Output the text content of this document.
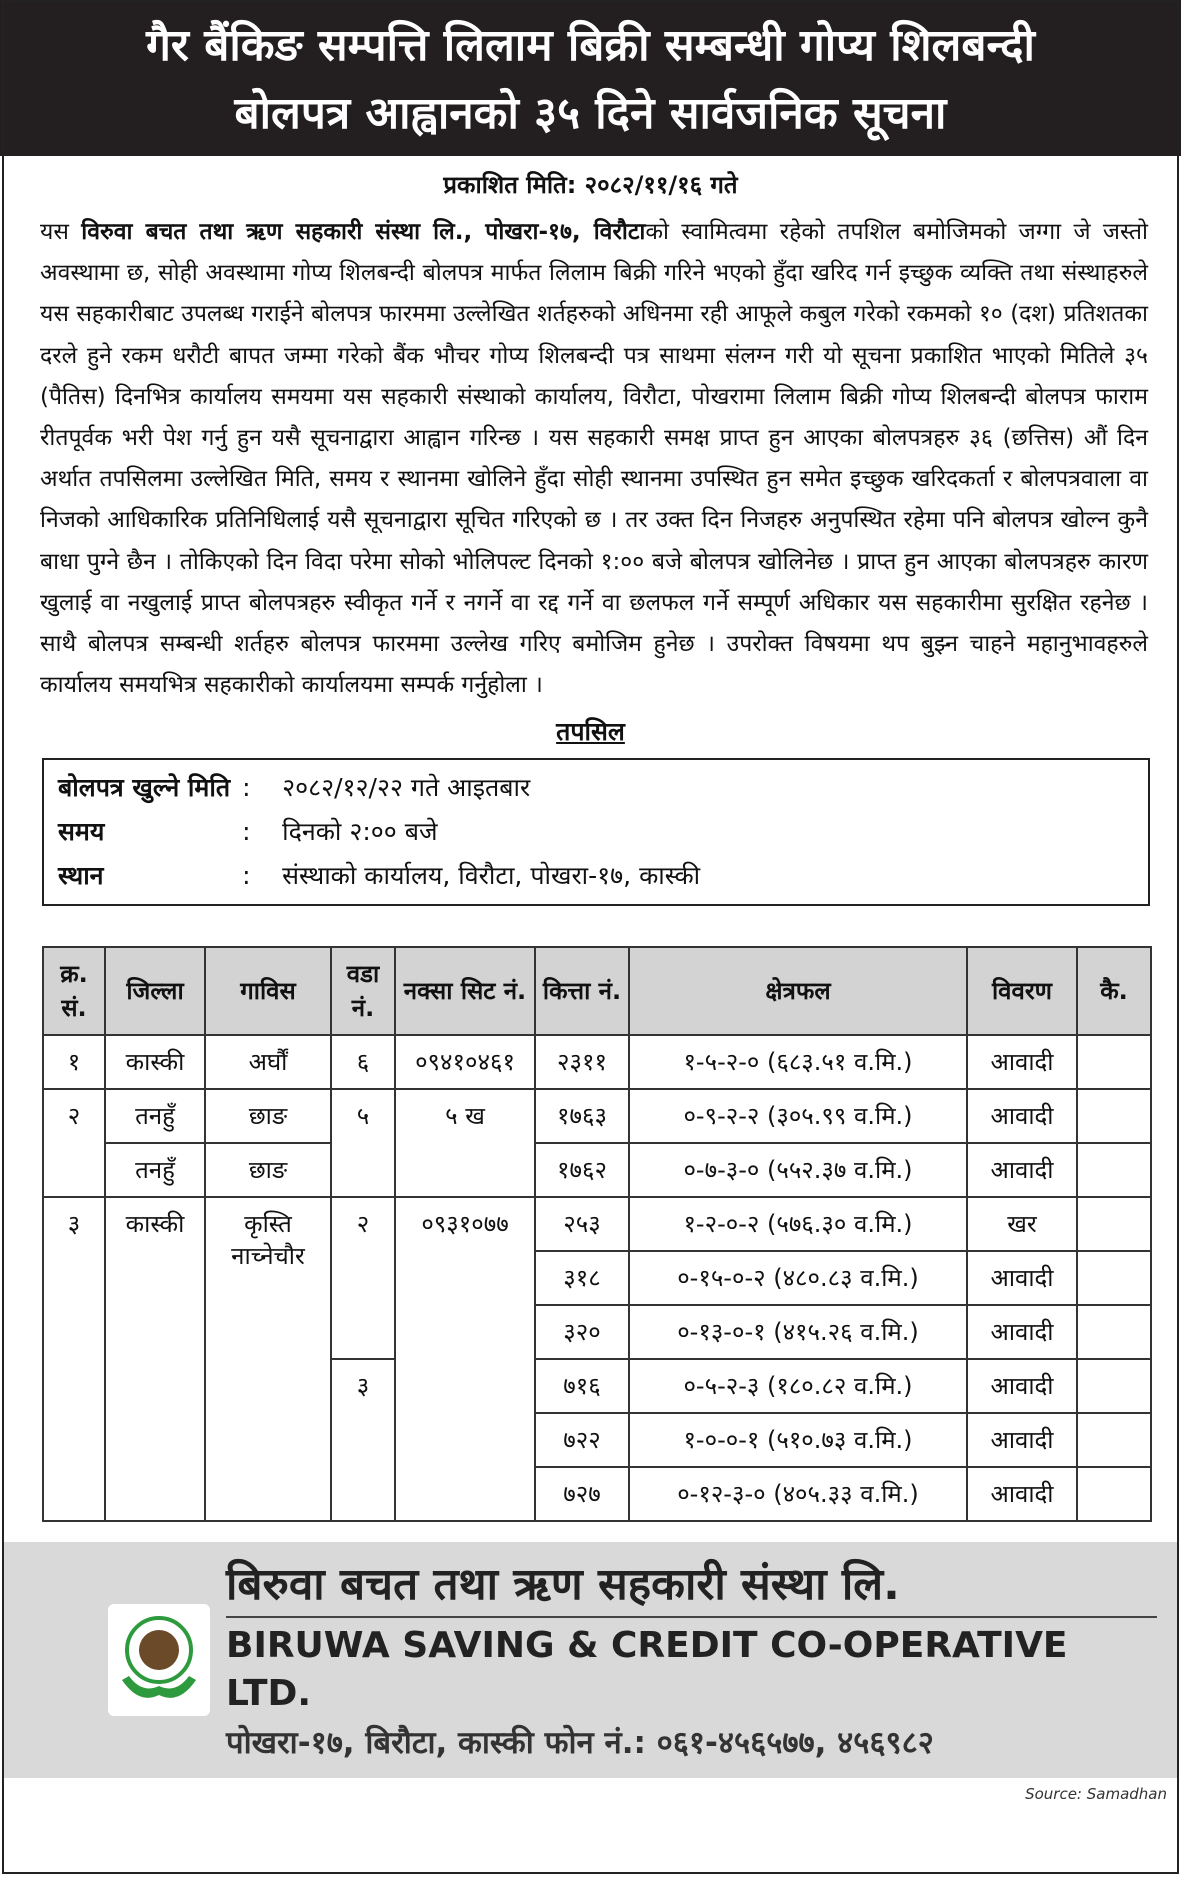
गैर बैंकिङ सम्पत्ति लिलाम बिक्री सम्बन्धी गोप्य शिलबन्दी
बोलपत्र आह्वानको ३५ दिने सार्वजनिक सूचना
प्रकाशित मिति: २०८२/११/१६ गते
यस विरुवा बचत तथा ऋण सहकारी संस्था लि., पोखरा-१७, विरौटाको स्वामित्वमा रहेको तपशिल बमोजिमको जग्गा जे जस्तो अवस्थामा छ, सोही अवस्थामा गोप्य शिलबन्दी बोलपत्र मार्फत लिलाम बिक्री गरिने भएको हुँदा खरिद गर्न इच्छुक व्यक्ति तथा संस्थाहरुले यस सहकारीबाट उपलब्ध गराईने बोलपत्र फारममा उल्लेखित शर्तहरुको अधिनमा रही आफूले कबुल गरेको रकमको १० (दश) प्रतिशतका दरले हुने रकम धरौटी बापत जम्मा गरेको बैंक भौचर गोप्य शिलबन्दी पत्र साथमा संलग्न गरी यो सूचना प्रकाशित भाएको मितिले ३५ (पैतिस) दिनभित्र कार्यालय समयमा यस सहकारी संस्थाको कार्यालय, विरौटा, पोखरामा लिलाम बिक्री गोप्य शिलबन्दी बोलपत्र फाराम रीतपूर्वक भरी पेश गर्नु हुन यसै सूचनाद्वारा आह्वान गरिन्छ । यस सहकारी समक्ष प्राप्त हुन आएका बोलपत्रहरु ३६ (छत्तिस) औं दिन अर्थात तपसिलमा उल्लेखित मिति, समय र स्थानमा खोलिने हुँदा सोही स्थानमा उपस्थित हुन समेत इच्छुक खरिदकर्ता र बोलपत्रवाला वा निजको आधिकारिक प्रतिनिधिलाई यसै सूचनाद्वारा सूचित गरिएको छ । तर उक्त दिन निजहरु अनुपस्थित रहेमा पनि बोलपत्र खोल्न कुनै बाधा पुग्ने छैन । तोकिएको दिन विदा परेमा सोको भोलिपल्ट दिनको १:०० बजे बोलपत्र खोलिनेछ । प्राप्त हुन आएका बोलपत्रहरु कारण खुलाई वा नखुलाई प्राप्त बोलपत्रहरु स्वीकृत गर्ने र नगर्ने वा रद्द गर्ने वा छलफल गर्ने सम्पूर्ण अधिकार यस सहकारीमा सुरक्षित रहनेछ । साथै बोलपत्र सम्बन्धी शर्तहरु बोलपत्र फारममा उल्लेख गरिए बमोजिम हुनेछ । उपरोक्त विषयमा थप बुझ्न चाहने महानुभावहरुले कार्यालय समयभित्र सहकारीको कार्यालयमा सम्पर्क गर्नुहोला ।
तपसिल
बोलपत्र खुल्ने मिति :	२०८२/१२/२२ गते आइतबार
समय	:	दिनको २:०० बजे
स्थान	:	संस्थाको कार्यालय, विरौटा, पोखरा-१७, कास्की
क्र. सं.	जिल्ला	गाविस	वडा नं.	नक्सा सिट नं.	कित्ता नं.	क्षेत्रफल	विवरण	कै.
१	कास्की	अर्घौं	६	०९४१०४६१	२३११	१-५-२-० (६८३.५१ व.मि.)	आवादी	
२	तनहुँ	छाङ	५	५ ख	१७६३	०-९-२-२ (३०५.९९ व.मि.)	आवादी	
	तनहुँ	छाङ			१७६२	०-७-३-० (५५२.३७ व.मि.)	आवादी	
३	कास्की	कृस्ति नाच्नेचौर	२	०९३१०७७	२५३	१-२-०-२ (५७६.३० व.मि.)	खर	
					३१८	०-१५-०-२ (४८०.८३ व.मि.)	आवादी	
					३२०	०-१३-०-१ (४१५.२६ व.मि.)	आवादी	
			३		७१६	०-५-२-३ (१८०.८२ व.मि.)	आवादी	
					७२२	१-०-०-१ (५१०.७३ व.मि.)	आवादी	
					७२७	०-१२-३-० (४०५.३३ व.मि.)	आवादी	
बिरुवा बचत तथा ऋण सहकारी संस्था लि.
BIRUWA SAVING & CREDIT CO-OPERATIVE LTD.
पोखरा-१७, बिरौटा, कास्की फोन नं.: ०६१-४५६५७७, ४५६९८२
Source: Samadhan
